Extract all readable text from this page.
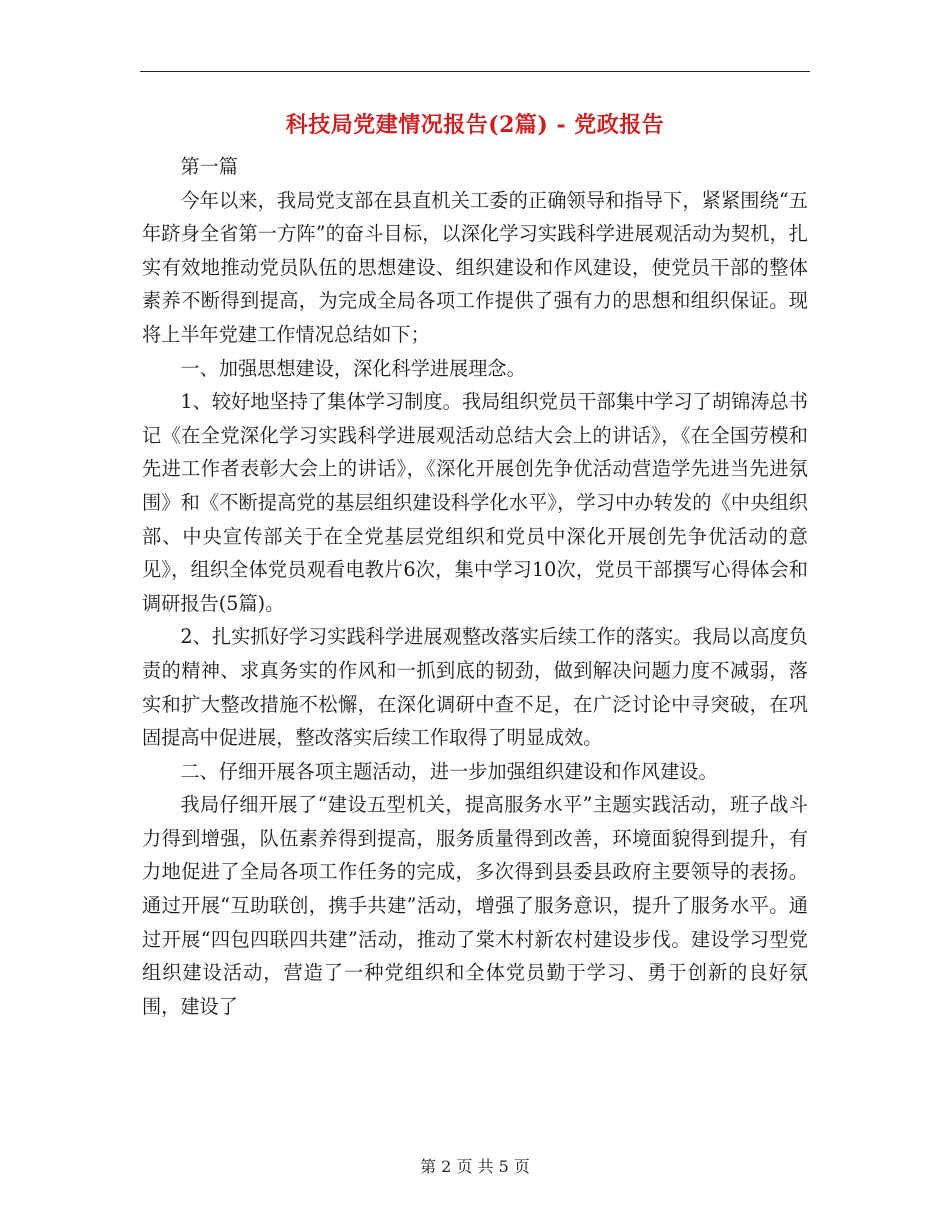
科技局党建情况报告(2篇) - 党政报告

第一篇

今年以来，我局党支部在县直机关工委的正确领导和指导下，紧紧围绕“五年跻身全省第一方阵”的奋斗目标，以深化学习实践科学进展观活动为契机，扎实有效地推动党员队伍的思想建设、组织建设和作风建设，使党员干部的整体素养不断得到提高，为完成全局各项工作提供了强有力的思想和组织保证。现将上半年党建工作情况总结如下；

一、加强思想建设，深化科学进展理念。

1、较好地坚持了集体学习制度。我局组织党员干部集中学习了胡锦涛总书记《在全党深化学习实践科学进展观活动总结大会上的讲话》，《在全国劳模和先进工作者表彰大会上的讲话》，《深化开展创先争优活动营造学先进当先进氛围》和《不断提高党的基层组织建设科学化水平》，学习中办转发的《中央组织部、中央宣传部关于在全党基层党组织和党员中深化开展创先争优活动的意见》，组织全体党员观看电教片6次，集中学习10次，党员干部撰写心得体会和调研报告(5篇)。

2、扎实抓好学习实践科学进展观整改落实后续工作的落实。我局以高度负责的精神、求真务实的作风和一抓到底的韧劲，做到解决问题力度不减弱，落实和扩大整改措施不松懈，在深化调研中查不足，在广泛讨论中寻突破，在巩固提高中促进展，整改落实后续工作取得了明显成效。

二、仔细开展各项主题活动，进一步加强组织建设和作风建设。

我局仔细开展了“建设五型机关，提高服务水平”主题实践活动，班子战斗力得到增强，队伍素养得到提高，服务质量得到改善，环境面貌得到提升，有力地促进了全局各项工作任务的完成，多次得到县委县政府主要领导的表扬。通过开展“互助联创，携手共建”活动，增强了服务意识，提升了服务水平。通过开展“四包四联四共建”活动，推动了棠木村新农村建设步伐。建设学习型党组织建设活动，营造了一种党组织和全体党员勤于学习、勇于创新的良好氛围，建设了

第 2 页 共 5 页
